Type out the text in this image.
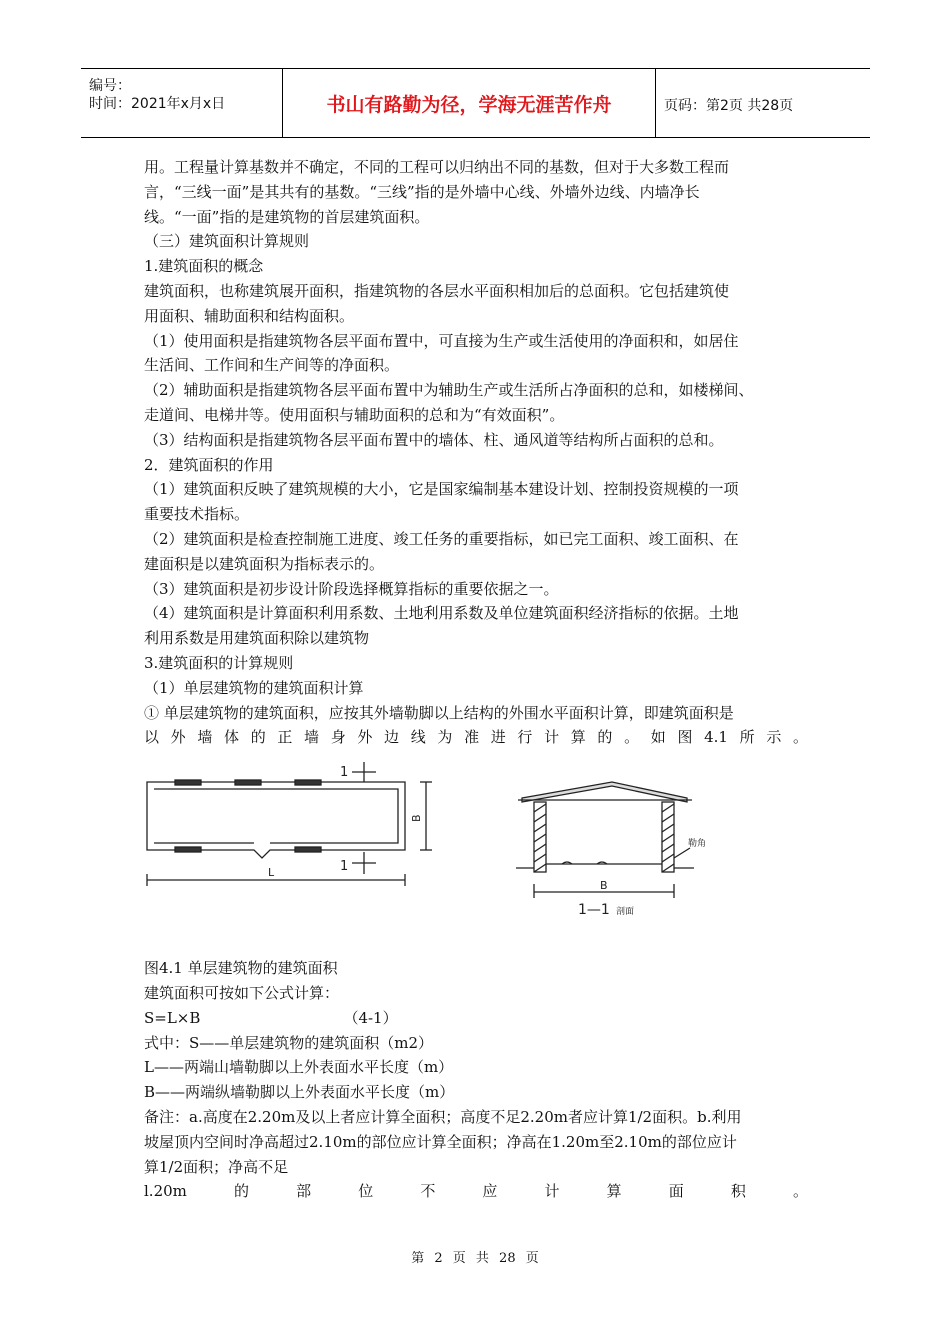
编号：
时间：2021年x月x日	书山有路勤为径，学海无涯苦作舟	页码：第2页 共28页
用。工程量计算基数并不确定，不同的工程可以归纳出不同的基数，但对于大多数工程而
言，“三线一面”是其共有的基数。“三线”指的是外墙中心线、外墙外边线、内墙净长
线。“一面”指的是建筑物的首层建筑面积。
（三）建筑面积计算规则
1.建筑面积的概念
建筑面积，也称建筑展开面积，指建筑物的各层水平面积相加后的总面积。它包括建筑使
用面积、辅助面积和结构面积。
（1）使用面积是指建筑物各层平面布置中，可直接为生产或生活使用的净面积和，如居住
生活间、工作间和生产间等的净面积。
（2）辅助面积是指建筑物各层平面布置中为辅助生产或生活所占净面积的总和，如楼梯间、
走道间、电梯井等。使用面积与辅助面积的总和为“有效面积”。
（3）结构面积是指建筑物各层平面布置中的墙体、柱、通风道等结构所占面积的总和。
2．建筑面积的作用
（1）建筑面积反映了建筑规模的大小，它是国家编制基本建设计划、控制投资规模的一项
重要技术指标。
（2）建筑面积是检查控制施工进度、竣工任务的重要指标，如已完工面积、竣工面积、在
建面积是以建筑面积为指标表示的。
（3）建筑面积是初步设计阶段选择概算指标的重要依据之一。
（4）建筑面积是计算面积利用系数、土地利用系数及单位建筑面积经济指标的依据。土地
利用系数是用建筑面积除以建筑物
3.建筑面积的计算规则
（1）单层建筑物的建筑面积计算
① 单层建筑物的建筑面积，应按其外墙勒脚以上结构的外围水平面积计算，即建筑面积是
以外墙体的正墙身外边线为准进行计算的。如图4.1所示。
图4.1 单层建筑物的建筑面积
建筑面积可按如下公式计算：
S=L×B                              （4-1）
式中：S——单层建筑物的建筑面积（m2）
L——两端山墙勒脚以上外表面水平长度（m）
B——两端纵墙勒脚以上外表面水平长度（m）
备注：a.高度在2.20m及以上者应计算全面积；高度不足2.20m者应计算1/2面积。b.利用
坡屋顶内空间时净高超过2.10m的部位应计算全面积；净高在1.20m至2.10m的部位应计
算1/2面积；净高不足
l.20m的部位不应计算面积。
1
1
B
L
勒角
B
1—1 剖面
第 2 页 共 28 页
